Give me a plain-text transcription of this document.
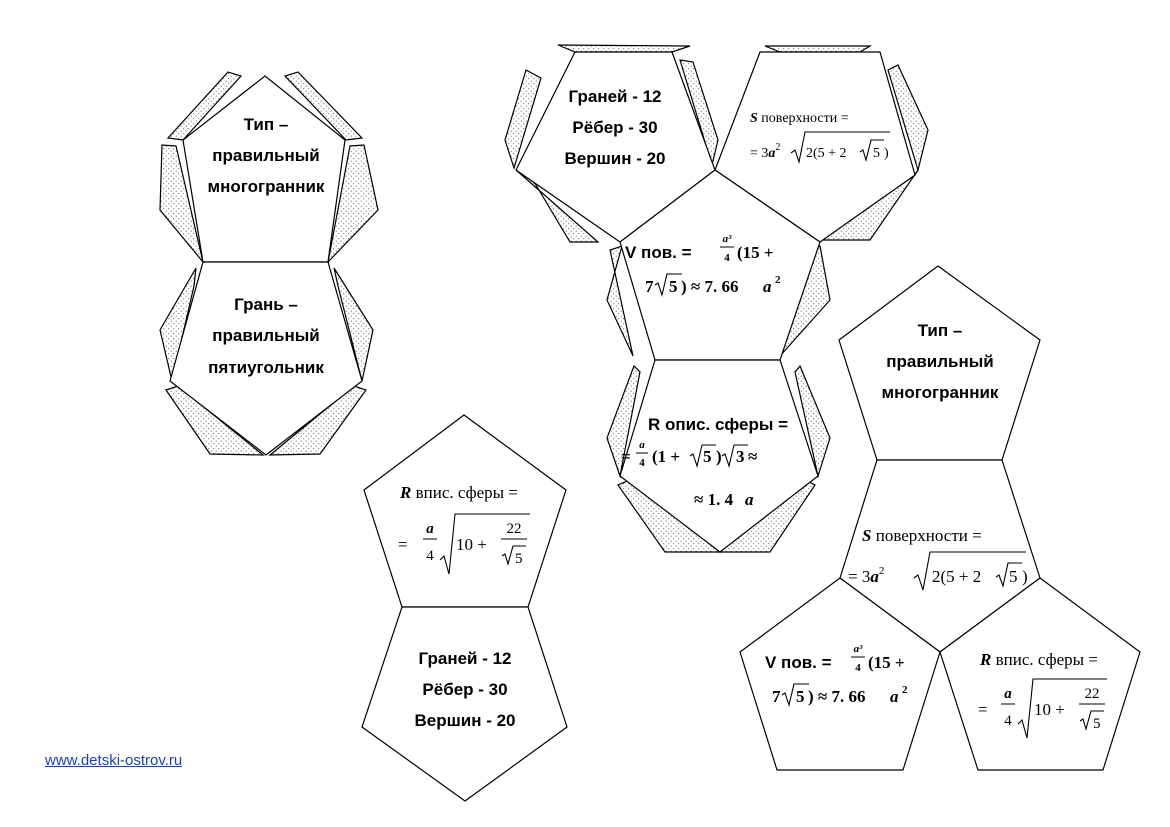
Тип –
правильный
многогранник
Грань –
правильный
пятиугольник
Граней - 12
Рёбер - 30
Вершин - 20
S поверхности =
= $3a^2$ 2(5 + 2 5 )
V пов. =
a³
4 (15 +
7 5 ) ≈ 7. 66 a 2
R опис. сферы =
=
a
4 (1 + 5 ) 3 ≈
≈ 1. 4 a
R впис. сферы =
=
a
4
10 +
22
5
Граней - 12
Рёбер - 30
Вершин - 20
Тип –
правильный
многогранник
S поверхности =
= $3a^2$	2(5 + 2 5 )
V пов. =
a³
4 (15 +
7 5 ) ≈ 7. 66 a 2
R впис. сферы =
=
a
4
10 +
22
5
www.detski-ostrov.ru
